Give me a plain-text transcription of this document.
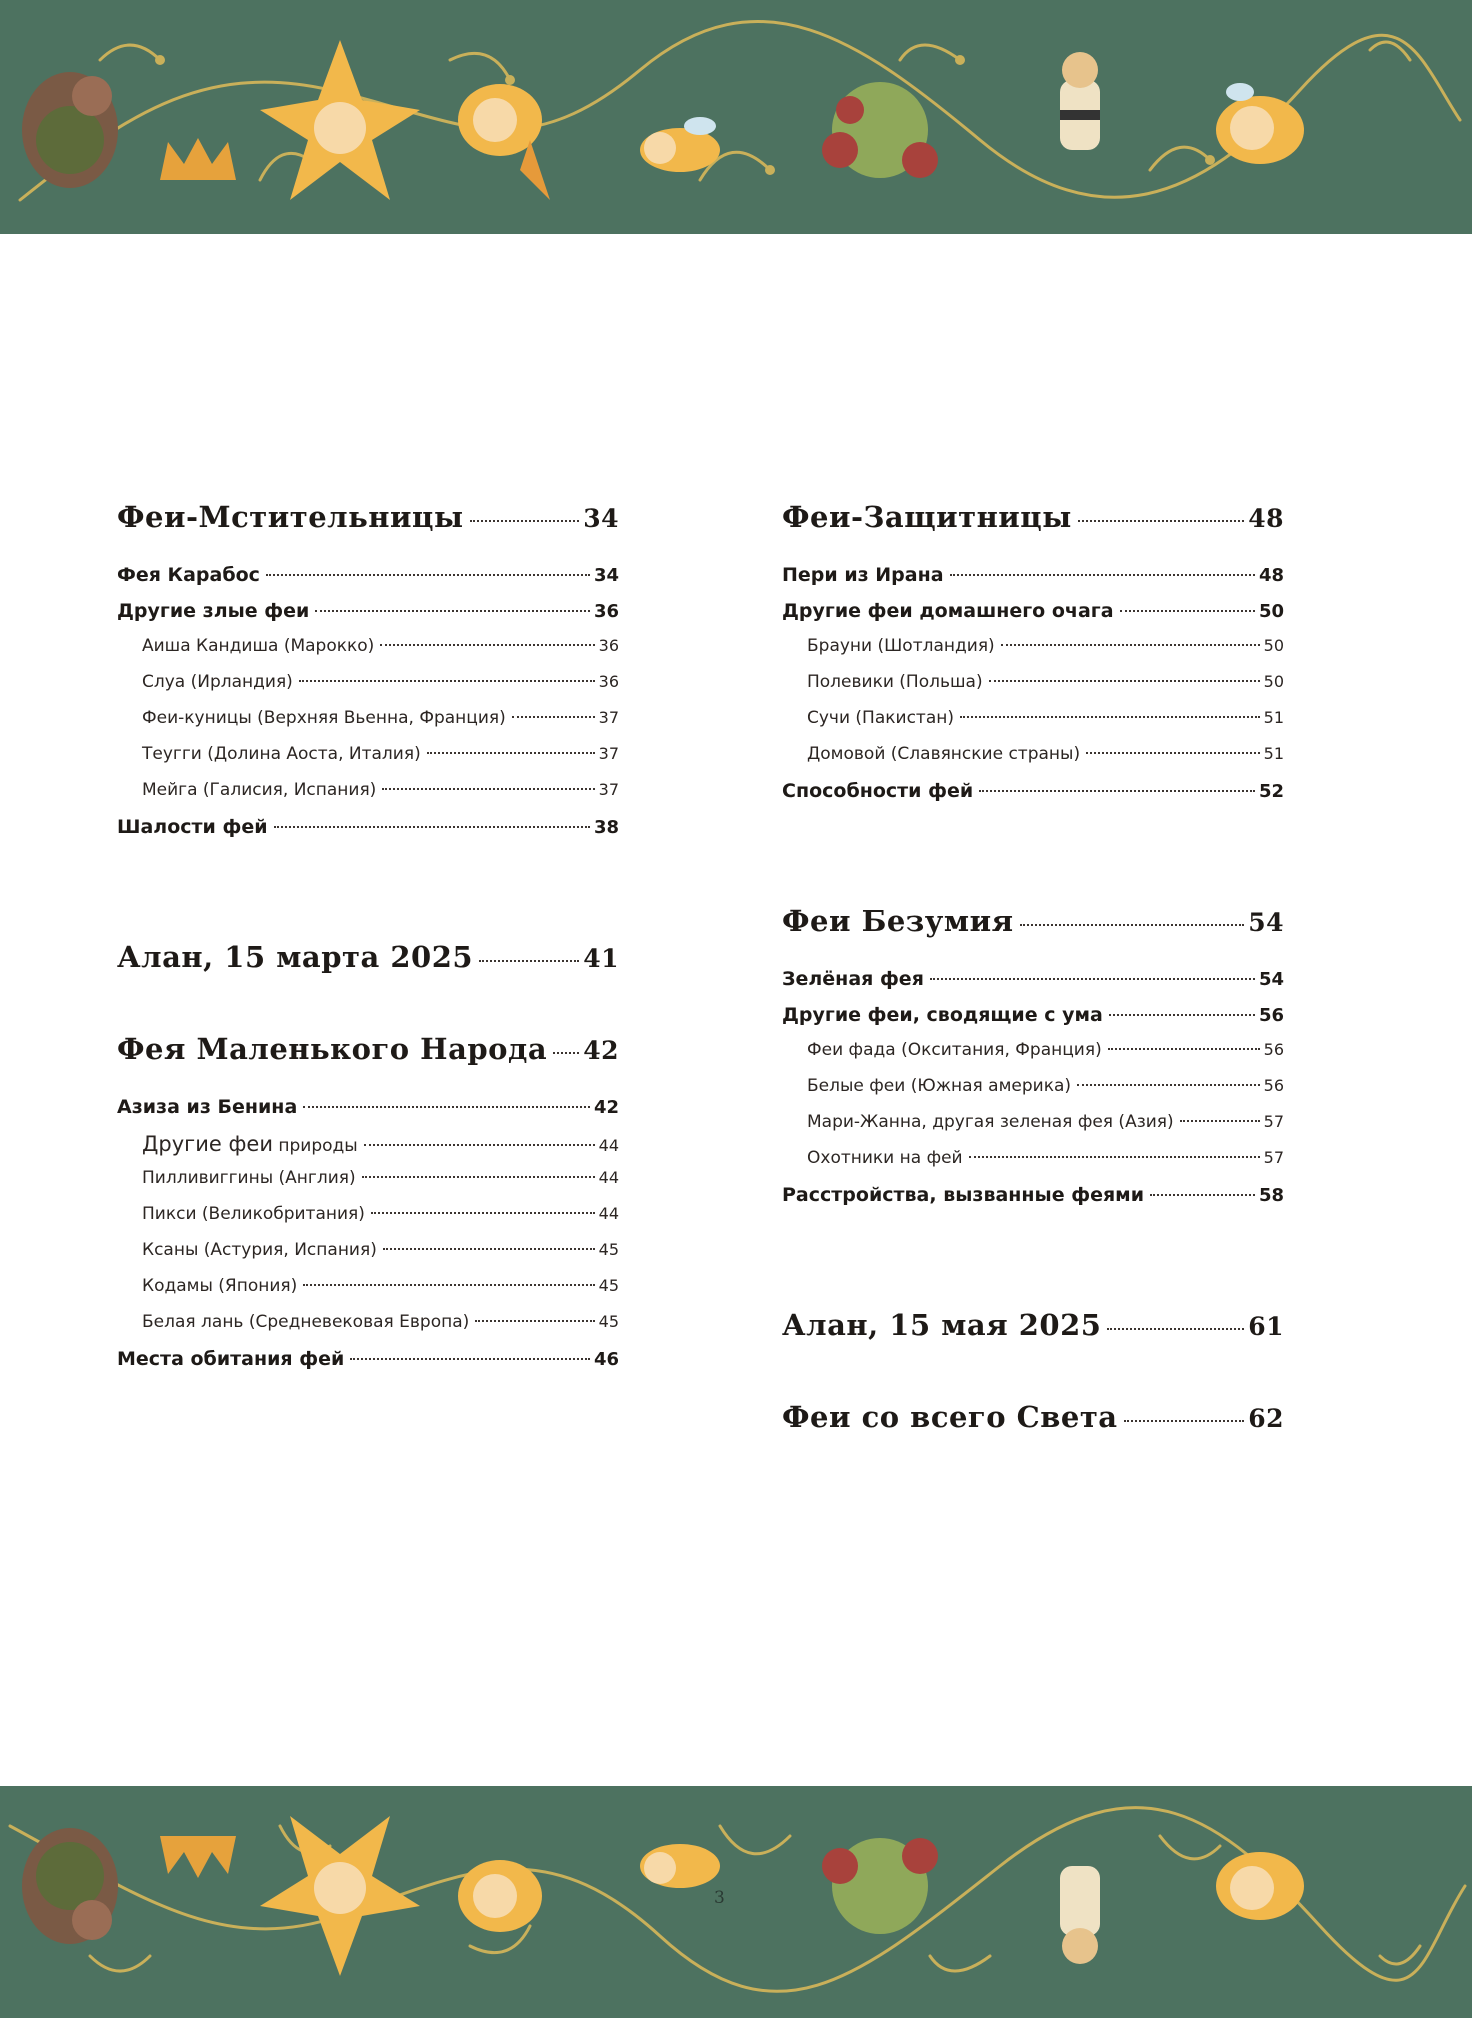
Феи-Мстительницы	34
Фея Карабос	34
Другие злые феи	36
Аиша Кандиша (Марокко)	36
Слуа (Ирландия)	36
Феи-куницы (Верхняя Вьенна, Франция)	37
Теугги (Долина Аоста, Италия)	37
Мейга (Галисия, Испания)	37
Шалости фей	38
Алан, 15 марта 2025	41
Фея Маленького Народа 42
Азиза из Бенина	42
Другие феи природы	44
Пилливиггины (Англия)	44
Пикси (Великобритания)	44
Ксаны (Астурия, Испания)	45
Кодамы (Япония)	45
Белая лань (Средневековая Европа)	45
Места обитания фей	46
Феи-Защитницы	48
Пери из Ирана	48
Другие феи домашнего очага	50
Брауни (Шотландия)	50
Полевики (Польша)	50
Сучи (Пакистан)	51
Домовой (Славянские страны)	51
Способности фей	52
Феи Безумия	54
Зелёная фея	54
Другие феи, сводящие с ума	56
Феи фада (Окситания, Франция)	56
Белые феи (Южная америка)	56
Мари-Жанна, другая зеленая фея (Азия)	57
Охотники на фей	57
Расстройства, вызванные феями	58
Алан, 15 мая 2025	61
Феи со всего Света	62
3
